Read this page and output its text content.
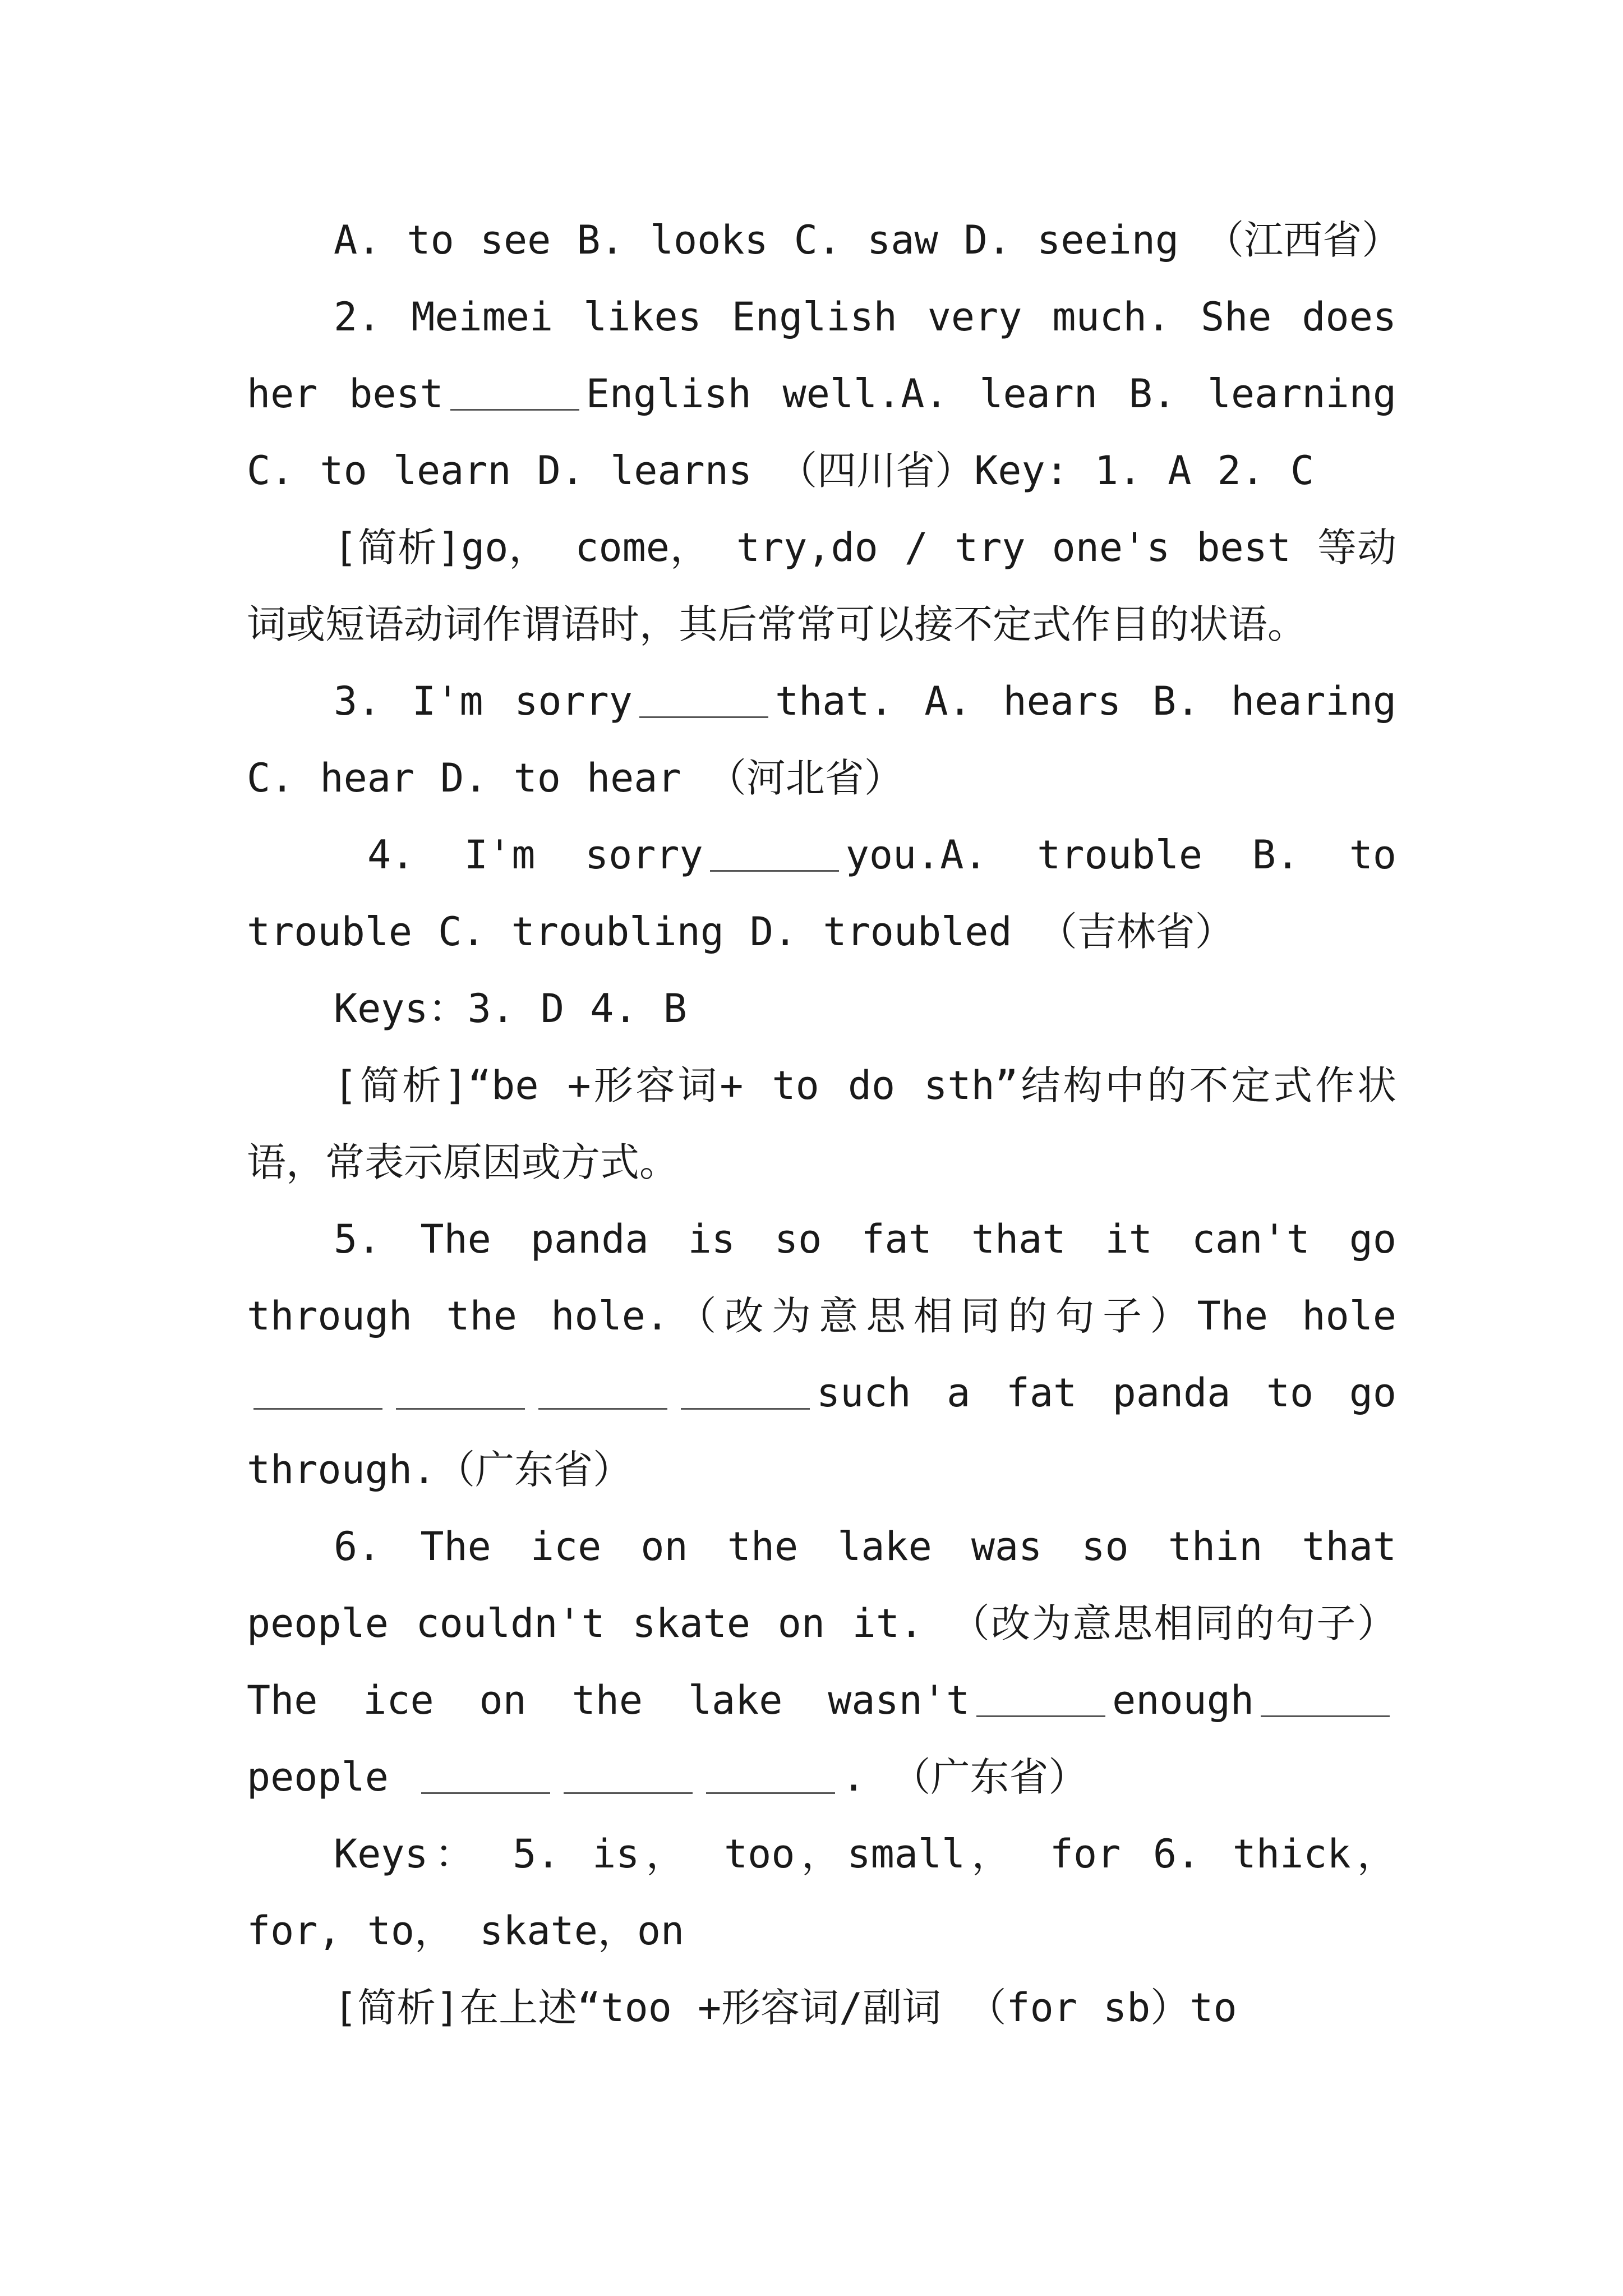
A. to see B. looks C. saw D. seeing （江西省）

2. Meimei likes English very much. She does her best	English well.A. learn B. learning C. to learn D. learns （四川省）Key: 1. A 2. C

[简析]go， come， try,do / try one's best 等动词或短语动词作谓语时，其后常常可以接不定式作目的状语。

3. I'm sorry	that. A. hears B. hearing C. hear D. to hear （河北省）

4. I'm sorry	you.A. trouble B. to trouble C. troubling D. troubled （吉林省）

Keys：3. D 4. B

[简析]“be +形容词+ to do sth”结构中的不定式作状语，常表示原因或方式。

5. The panda is so fat that it can't go through the hole.（改为意思相同的句子）The holesuch a fat panda to go through.（广东省）

6. The ice on the lake was so thin that people couldn't skate on it. （改为意思相同的句子）The ice on the lake wasn't	enoughpeople	. （广东省）

Keys： 5. is， too，small， for 6. thick， for, to， skate，on

[简析]在上述“too +形容词/副词 （for sb）to
